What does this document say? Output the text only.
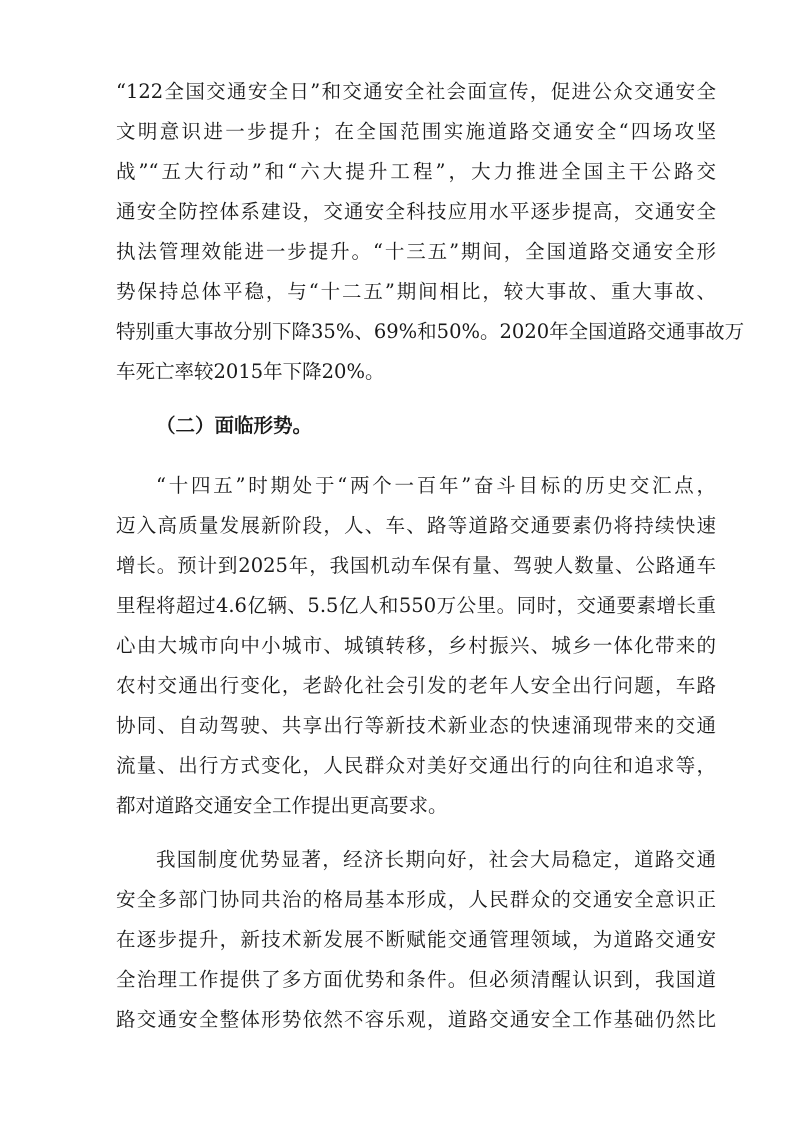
“122全国交通安全日”和交通安全社会面宣传，促进公众交通安全
文明意识进一步提升；在全国范围实施道路交通安全“四场攻坚
战”“五大行动”和“六大提升工程”，大力推进全国主干公路交
通安全防控体系建设，交通安全科技应用水平逐步提高，交通安全
执法管理效能进一步提升。“十三五”期间，全国道路交通安全形
势保持总体平稳，与“十二五”期间相比，较大事故、重大事故、
特别重大事故分别下降35%、69%和50%。2020年全国道路交通事故万
车死亡率较2015年下降20%。
（二）面临形势。
“十四五”时期处于“两个一百年”奋斗目标的历史交汇点，
迈入高质量发展新阶段，人、车、路等道路交通要素仍将持续快速
增长。预计到2025年，我国机动车保有量、驾驶人数量、公路通车
里程将超过4.6亿辆、5.5亿人和550万公里。同时，交通要素增长重
心由大城市向中小城市、城镇转移，乡村振兴、城乡一体化带来的
农村交通出行变化，老龄化社会引发的老年人安全出行问题，车路
协同、自动驾驶、共享出行等新技术新业态的快速涌现带来的交通
流量、出行方式变化，人民群众对美好交通出行的向往和追求等，
都对道路交通安全工作提出更高要求。
我国制度优势显著，经济长期向好，社会大局稳定，道路交通
安全多部门协同共治的格局基本形成，人民群众的交通安全意识正
在逐步提升，新技术新发展不断赋能交通管理领域，为道路交通安
全治理工作提供了多方面优势和条件。但必须清醒认识到，我国道
路交通安全整体形势依然不容乐观，道路交通安全工作基础仍然比
